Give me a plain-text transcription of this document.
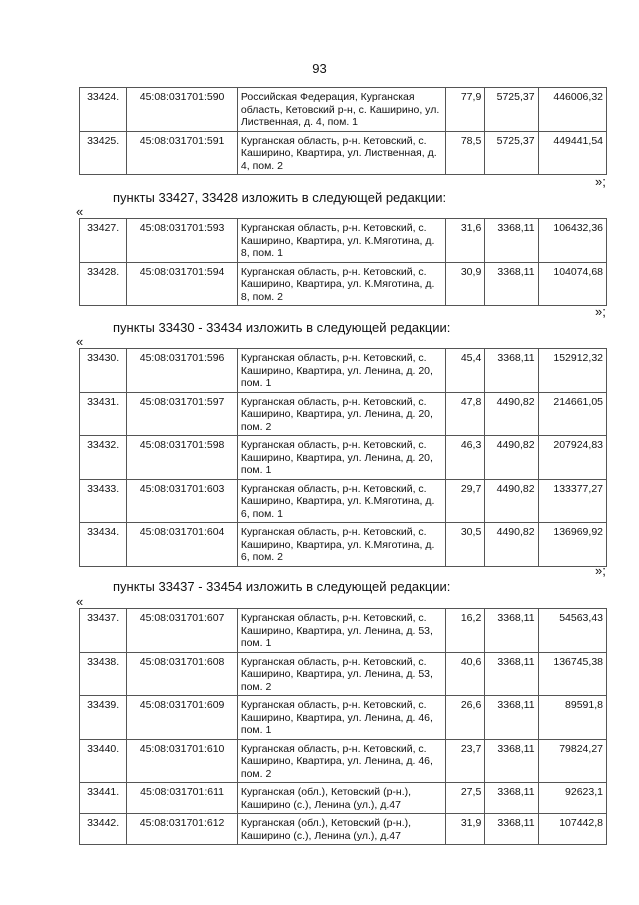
93
33424.	45:08:031701:590	Российская Федерация, Курганская область, Кетовский р-н, с. Каширино, ул. Лиственная, д. 4, пом. 1	77,9	5725,37	446006,32
33425.	45:08:031701:591	Курганская область, р-н. Кетовский, с. Каширино, Квартира, ул. Лиственная, д. 4, пом. 2	78,5	5725,37	449441,54
»;
пункты 33427, 33428 изложить в следующей редакции:
«
33427.	45:08:031701:593	Курганская область, р-н. Кетовский, с. Каширино, Квартира, ул. К.Мяготина, д. 8, пом. 1	31,6	3368,11	106432,36
33428.	45:08:031701:594	Курганская область, р-н. Кетовский, с. Каширино, Квартира, ул. К.Мяготина, д. 8, пом. 2	30,9	3368,11	104074,68
»;
пункты 33430 - 33434 изложить в следующей редакции:
«
33430.	45:08:031701:596	Курганская область, р-н. Кетовский, с. Каширино, Квартира, ул. Ленина, д. 20, пом. 1	45,4	3368,11	152912,32
33431.	45:08:031701:597	Курганская область, р-н. Кетовский, с. Каширино, Квартира, ул. Ленина, д. 20, пом. 2	47,8	4490,82	214661,05
33432.	45:08:031701:598	Курганская область, р-н. Кетовский, с. Каширино, Квартира, ул. Ленина, д. 20, пом. 1	46,3	4490,82	207924,83
33433.	45:08:031701:603	Курганская область, р-н. Кетовский, с. Каширино, Квартира, ул. К.Мяготина, д. 6, пом. 1	29,7	4490,82	133377,27
33434.	45:08:031701:604	Курганская область, р-н. Кетовский, с. Каширино, Квартира, ул. К.Мяготина, д. 6, пом. 2	30,5	4490,82	136969,92
»;
пункты 33437 - 33454 изложить в следующей редакции:
«
33437.	45:08:031701:607	Курганская область, р-н. Кетовский, с. Каширино, Квартира, ул. Ленина, д. 53, пом. 1	16,2	3368,11	54563,43
33438.	45:08:031701:608	Курганская область, р-н. Кетовский, с. Каширино, Квартира, ул. Ленина, д. 53, пом. 2	40,6	3368,11	136745,38
33439.	45:08:031701:609	Курганская область, р-н. Кетовский, с. Каширино, Квартира, ул. Ленина, д. 46, пом. 1	26,6	3368,11	89591,8
33440.	45:08:031701:610	Курганская область, р-н. Кетовский, с. Каширино, Квартира, ул. Ленина, д. 46, пом. 2	23,7	3368,11	79824,27
33441.	45:08:031701:611	Курганская (обл.), Кетовский (р-н.), Каширино (с.), Ленина (ул.), д.47	27,5	3368,11	92623,1
33442.	45:08:031701:612	Курганская (обл.), Кетовский (р-н.), Каширино (с.), Ленина (ул.), д.47	31,9	3368,11	107442,8
